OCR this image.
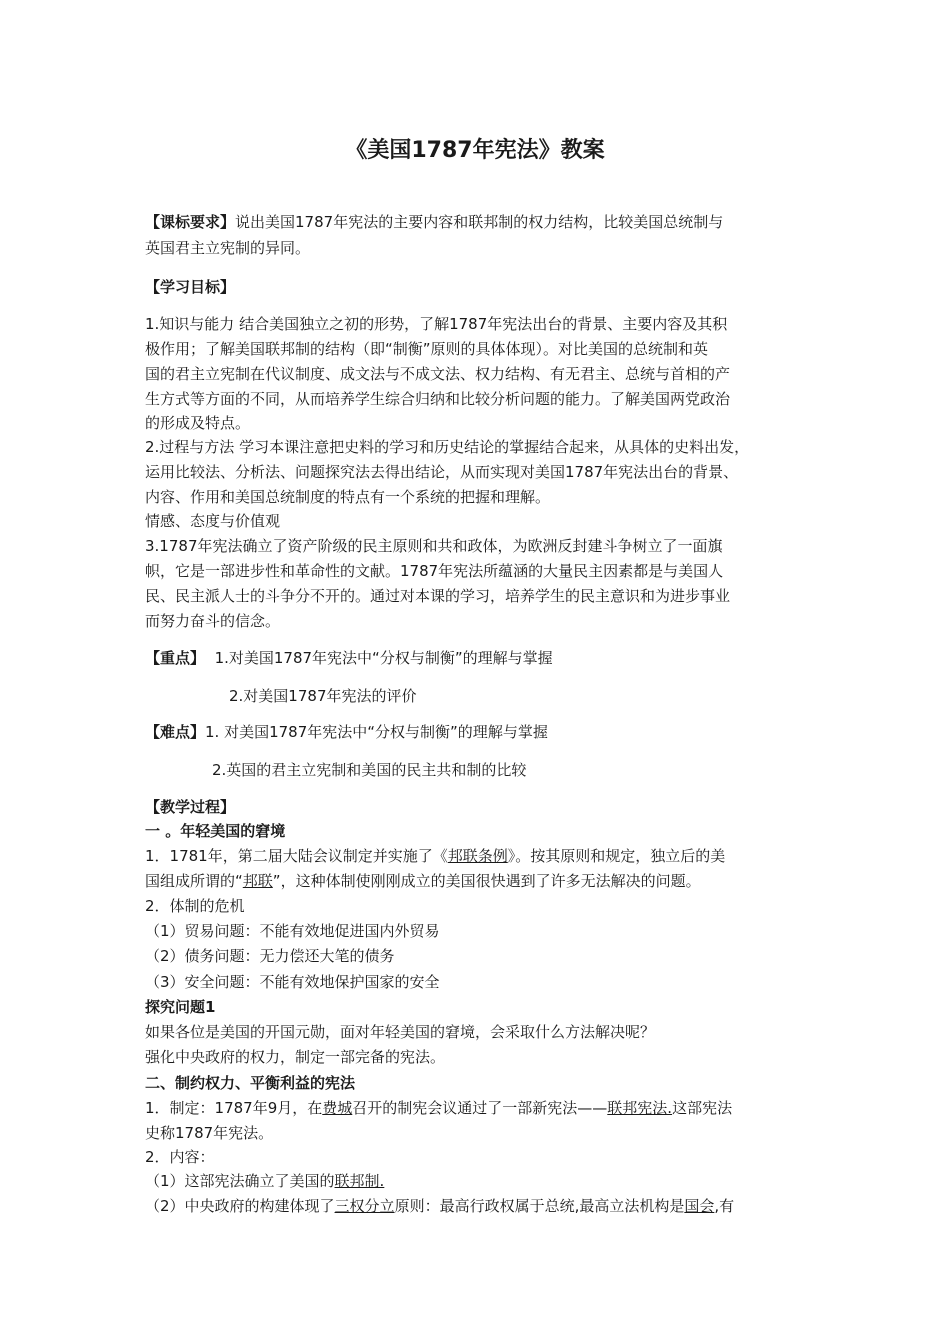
《美国1787年宪法》教案
【课标要求】说出美国1787年宪法的主要内容和联邦制的权力结构，比较美国总统制与
英国君主立宪制的异同。
【学习目标】
1.知识与能力 结合美国独立之初的形势，了解1787年宪法出台的背景、主要内容及其积
极作用；了解美国联邦制的结构（即“制衡”原则的具体体现）。对比美国的总统制和英
国的君主立宪制在代议制度、成文法与不成文法、权力结构、有无君主、总统与首相的产
生方式等方面的不同，从而培养学生综合归纳和比较分析问题的能力。了解美国两党政治
的形成及特点。
2.过程与方法 学习本课注意把史料的学习和历史结论的掌握结合起来，从具体的史料出发，
运用比较法、分析法、问题探究法去得出结论，从而实现对美国1787年宪法出台的背景、
内容、作用和美国总统制度的特点有一个系统的把握和理解。
情感、态度与价值观
3.1787年宪法确立了资产阶级的民主原则和共和政体，为欧洲反封建斗争树立了一面旗
帜，它是一部进步性和革命性的文献。1787年宪法所蕴涵的大量民主因素都是与美国人
民、民主派人士的斗争分不开的。通过对本课的学习，培养学生的民主意识和为进步事业
而努力奋斗的信念。
【重点】 1.对美国1787年宪法中“分权与制衡”的理解与掌握
2.对美国1787年宪法的评价
【难点】1. 对美国1787年宪法中“分权与制衡”的理解与掌握
2.英国的君主立宪制和美国的民主共和制的比较
【教学过程】
一 。年轻美国的窘境
1．1781年，第二届大陆会议制定并实施了《邦联条例》。按其原则和规定，独立后的美
国组成所谓的“邦联”，这种体制使刚刚成立的美国很快遇到了许多无法解决的问题。
2．体制的危机
（1）贸易问题：不能有效地促进国内外贸易
（2）债务问题：无力偿还大笔的债务
（3）安全问题：不能有效地保护国家的安全
探究问题1
如果各位是美国的开国元勋，面对年轻美国的窘境，会采取什么方法解决呢？
强化中央政府的权力，制定一部完备的宪法。
二、制约权力、平衡利益的宪法
1．制定：1787年9月，在费城召开的制宪会议通过了一部新宪法——联邦宪法.这部宪法
史称1787年宪法。
2．内容：
（1）这部宪法确立了美国的联邦制.
（2）中央政府的构建体现了三权分立原则：最高行政权属于总统,最高立法机构是国会,有
